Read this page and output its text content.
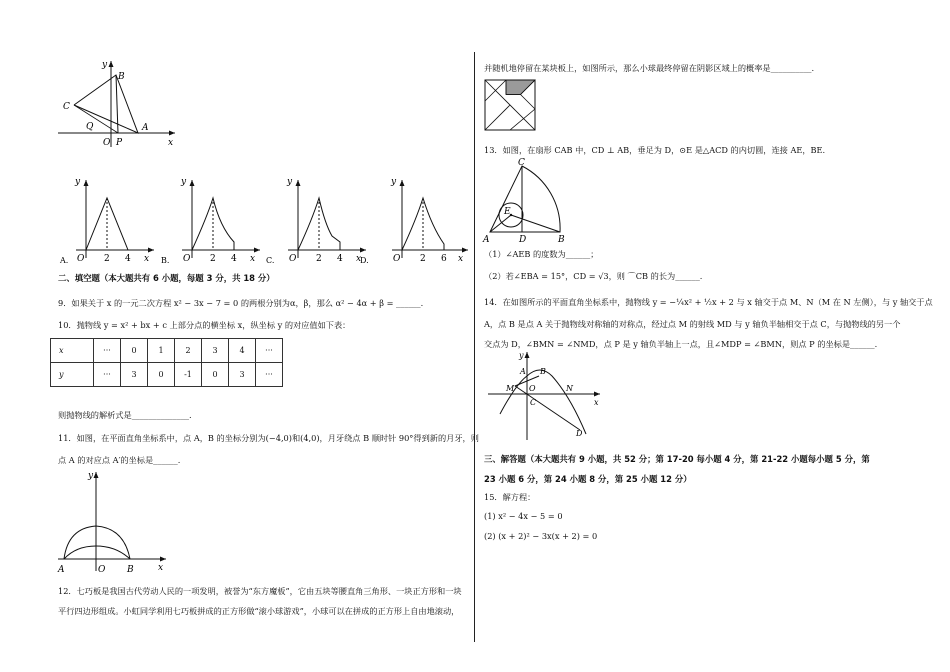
y
B
C
Q	A
O P	x
y
O 2 4 x
A.
y
O 2 4 x
B.
y
O 2 4 x
C.
y
O 2 6 x
D.
二、填空题（本大题共有 6 小题，每题 3 分，共 18 分）
9．如果关于 x 的一元二次方程 x² − 3x − 7 = 0 的两根分别为α，β，那么 α² − 4α + β = ______.
10．抛物线 y = x² + bx + c 上部分点的横坐标 x，纵坐标 y 的对应值如下表：
x	···	0	1	2	3	4	···
y	···	3	0	-1	0	3	···
则抛物线的解析式是______________.
11．如图，在平面直角坐标系中，点 A，B 的坐标分别为(−4,0)和(4,0)，月牙绕点 B 顺时针 90°得到新的月牙，则
点 A 的对应点 A′的坐标是______.
y
A	O B	x
12．七巧板是我国古代劳动人民的一项发明，被誉为“东方魔板”，它由五块等腰直角三角形、一块正方形和一块
平行四边形组成。小虹同学利用七巧板拼成的正方形做“滚小球游戏”，小球可以在拼成的正方形上自由地滚动，
并随机地停留在某块板上，如图所示，那么小球最终停留在阴影区域上的概率是__________.
13．如图，在扇形 CAB 中，CD ⊥ AB，垂足为 D，⊙E 是△ACD 的内切圆，连接 AE，BE.
C
E
A	D	B
（1）∠AEB 的度数为______；
（2）若∠EBA = 15°，CD = √3，则 ⌒CB 的长为______.
14．在如图所示的平面直角坐标系中，抛物线 y = −¼x² + ½x + 2 与 x 轴交于点 M、N（M 在 N 左侧），与 y 轴交于点
A，点 B 是点 A 关于抛物线对称轴的对称点，经过点 M 的射线 MD 与 y 轴负半轴相交于点 C，与抛物线的另一个
交点为 D，∠BMN = ∠NMD，点 P 是 y 轴负半轴上一点，且∠MDP = ∠BMN，则点 P 的坐标是______.
y
A B
M O	N
x
C
D
三、解答题（本大题共有 9 小题，共 52 分；第 17-20 每小题 4 分，第 21-22 小题每小题 5 分，第
23 小题 6 分，第 24 小题 8 分，第 25 小题 12 分）
15．解方程：
(1) x² − 4x − 5 = 0
(2) (x + 2)² − 3x(x + 2) = 0
